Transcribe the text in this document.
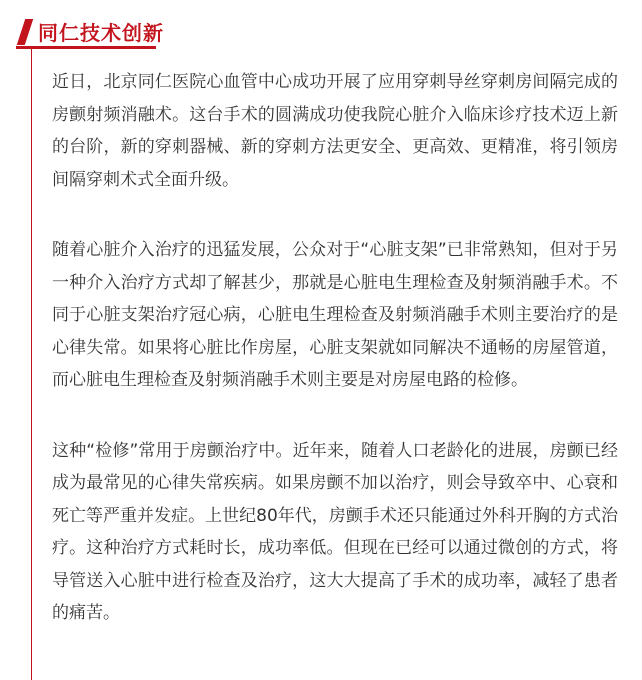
同仁技术创新

近日，北京同仁医院心血管中心成功开展了应用穿刺导丝穿刺房间隔完成的房颤射频消融术。这台手术的圆满成功使我院心脏介入临床诊疗技术迈上新的台阶，新的穿刺器械、新的穿刺方法更安全、更高效、更精准，将引领房间隔穿刺术式全面升级。

随着心脏介入治疗的迅猛发展，公众对于“心脏支架”已非常熟知，但对于另一种介入治疗方式却了解甚少，那就是心脏电生理检查及射频消融手术。不同于心脏支架治疗冠心病，心脏电生理检查及射频消融手术则主要治疗的是心律失常。如果将心脏比作房屋，心脏支架就如同解决不通畅的房屋管道，而心脏电生理检查及射频消融手术则主要是对房屋电路的检修。

这种“检修”常用于房颤治疗中。近年来，随着人口老龄化的进展，房颤已经成为最常见的心律失常疾病。如果房颤不加以治疗，则会导致卒中、心衰和死亡等严重并发症。上世纪80年代，房颤手术还只能通过外科开胸的方式治疗。这种治疗方式耗时长，成功率低。但现在已经可以通过微创的方式，将导管送入心脏中进行检查及治疗，这大大提高了手术的成功率，减轻了患者的痛苦。
